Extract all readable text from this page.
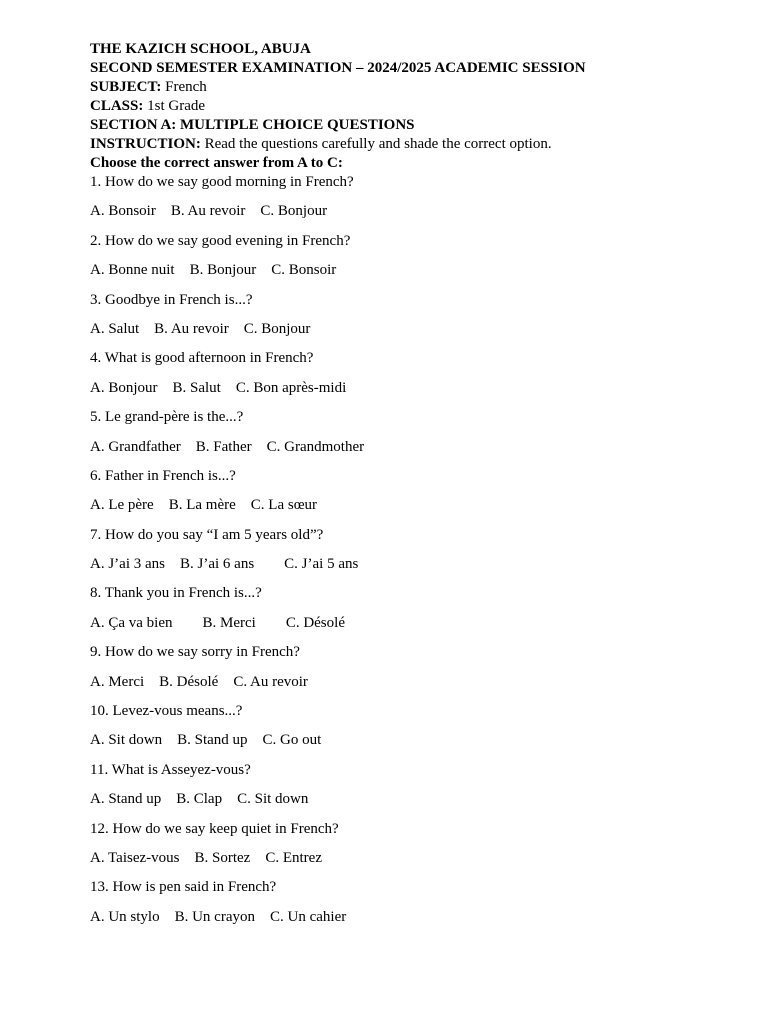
THE KAZICH SCHOOL, ABUJA
SECOND SEMESTER EXAMINATION – 2024/2025 ACADEMIC SESSION
SUBJECT: French
CLASS: 1st Grade
SECTION A: MULTIPLE CHOICE QUESTIONS
INSTRUCTION: Read the questions carefully and shade the correct option.
Choose the correct answer from A to C:
1. How do we say good morning in French?
A. Bonsoir B. Au revoir C. Bonjour
2. How do we say good evening in French?
A. Bonne nuit B. Bonjour C. Bonsoir
3. Goodbye in French is...?
A. Salut B. Au revoir C. Bonjour
4. What is good afternoon in French?
A. Bonjour B. Salut C. Bon après-midi
5. Le grand-père is the...?
A. Grandfather B. Father C. Grandmother
6. Father in French is...?
A. Le père B. La mère C. La sœur
7. How do you say “I am 5 years old”?
A. J’ai 3 ans B. J’ai 6 ans C. J’ai 5 ans
8. Thank you in French is...?
A. Ça va bien B. Merci C. Désolé
9. How do we say sorry in French?
A. Merci B. Désolé C. Au revoir
10. Levez-vous means...?
A. Sit down B. Stand up C. Go out
11. What is Asseyez-vous?
A. Stand up B. Clap C. Sit down
12. How do we say keep quiet in French?
A. Taisez-vous B. Sortez C. Entrez
13. How is pen said in French?
A. Un stylo B. Un crayon C. Un cahier
